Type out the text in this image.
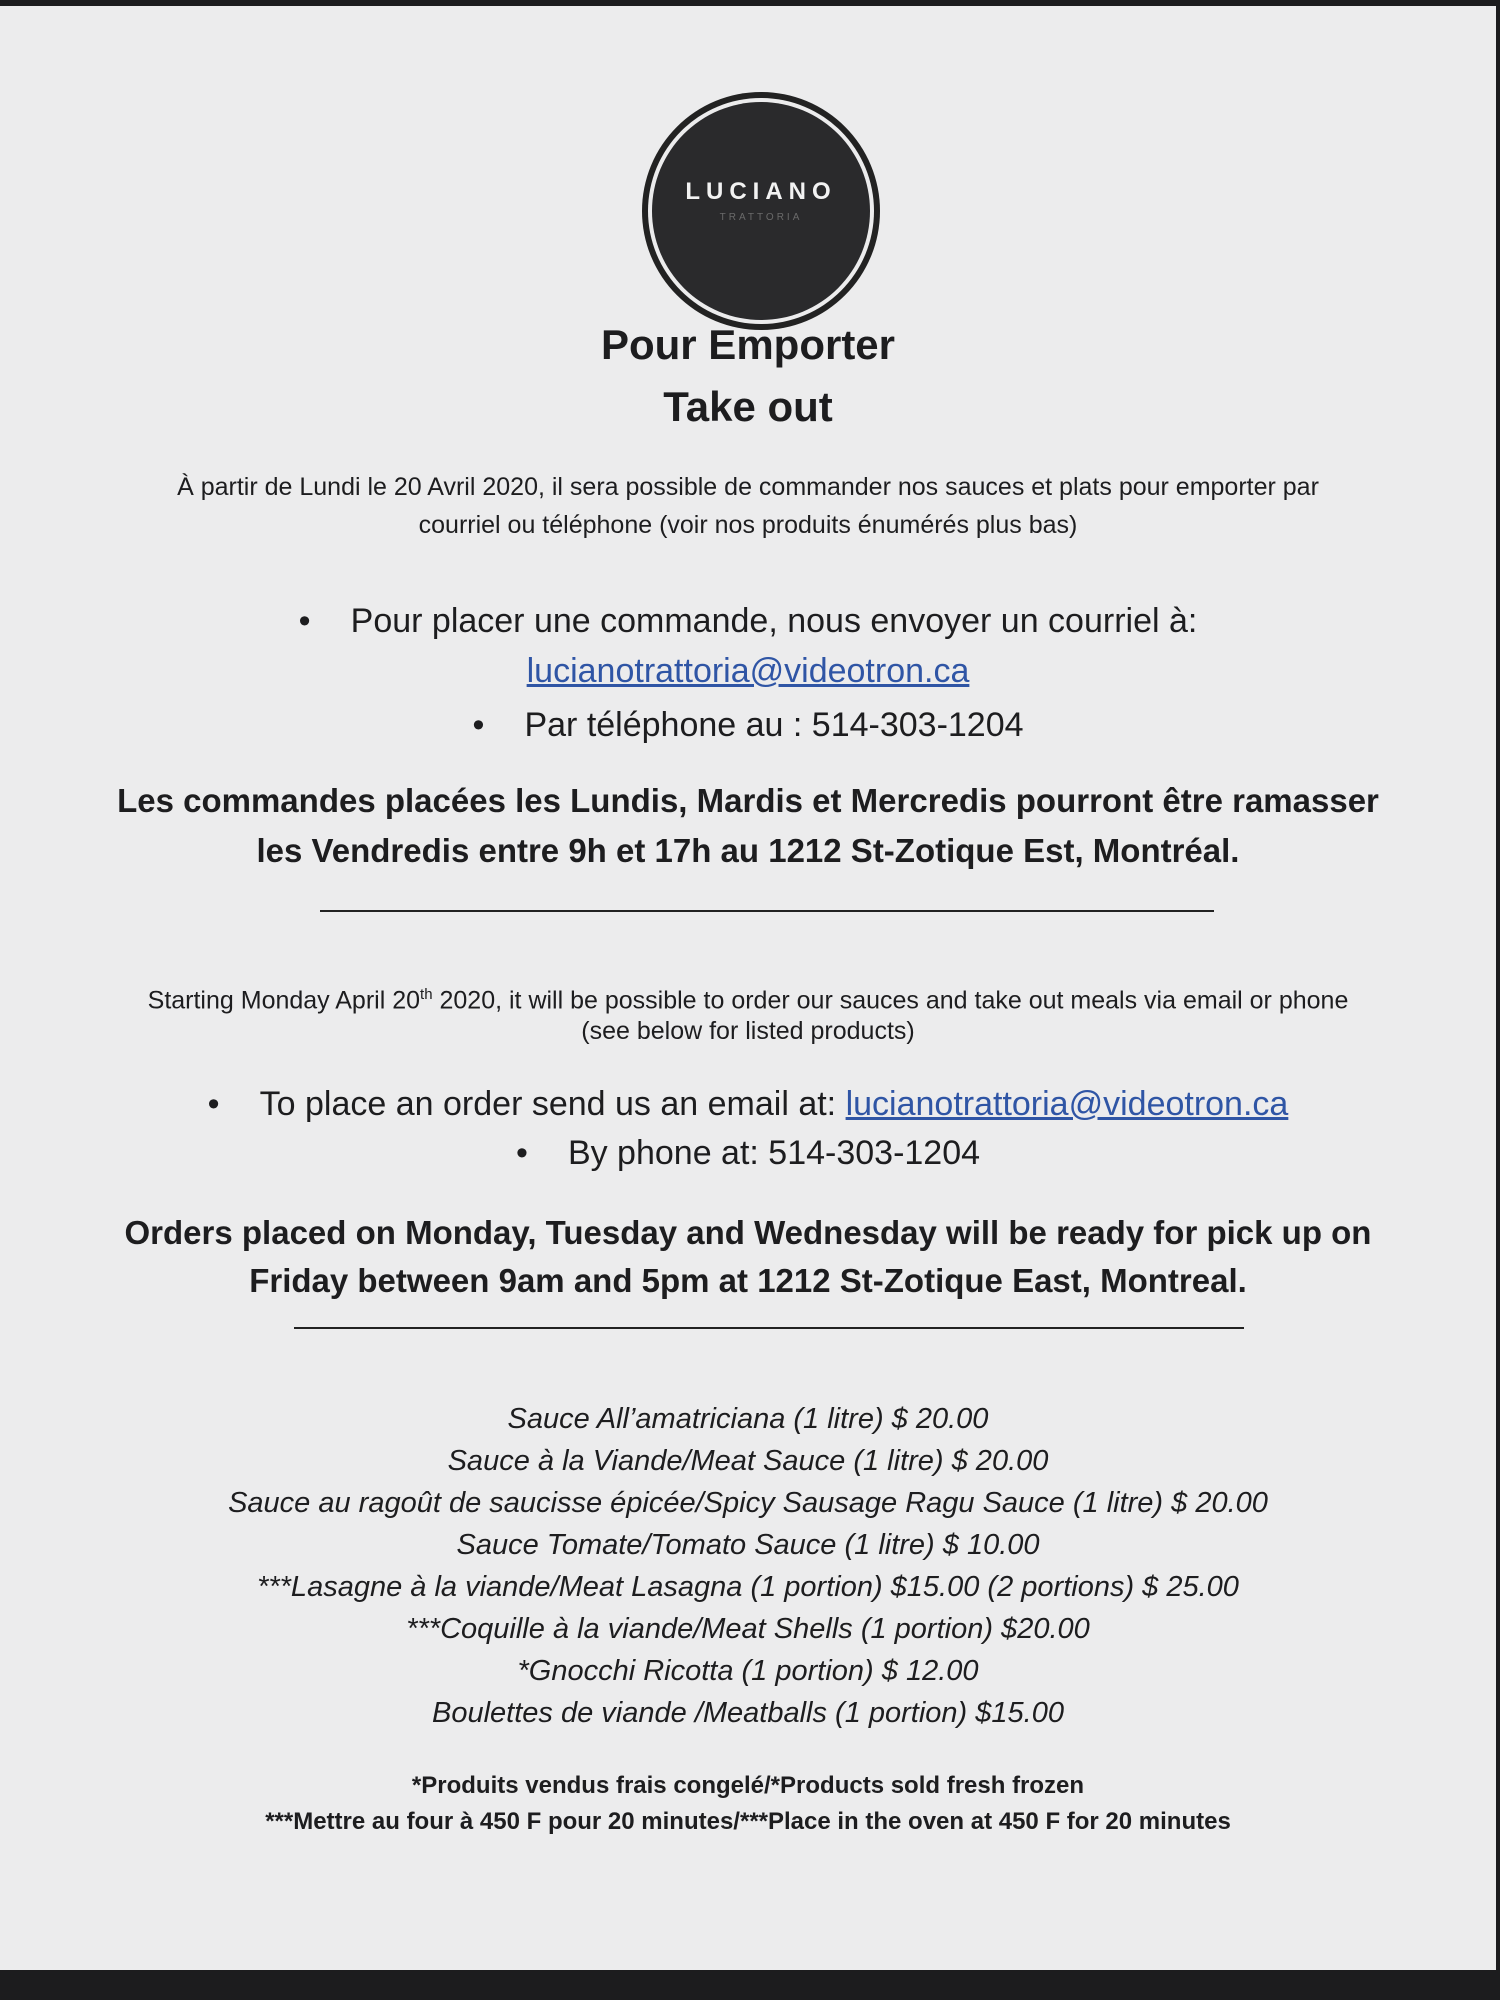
LUCIANO
TRATTORIA
Pour Emporter
Take out
À partir de Lundi le 20 Avril 2020, il sera possible de commander nos sauces et plats pour emporter par
courriel ou téléphone (voir nos produits énumérés plus bas)
• Pour placer une commande, nous envoyer un courriel à:
lucianotrattoria@videotron.ca
• Par téléphone au : 514-303-1204
Les commandes placées les Lundis, Mardis et Mercredis pourront être ramasser
les Vendredis entre 9h et 17h au 1212 St-Zotique Est, Montréal.
Starting Monday April 20th 2020, it will be possible to order our sauces and take out meals via email or phone
(see below for listed products)
• To place an order send us an email at: lucianotrattoria@videotron.ca
• By phone at: 514-303-1204
Orders placed on Monday, Tuesday and Wednesday will be ready for pick up on
Friday between 9am and 5pm at 1212 St-Zotique East, Montreal.
Sauce All’amatriciana (1 litre) $ 20.00
Sauce à la Viande/Meat Sauce (1 litre) $ 20.00
Sauce au ragoût de saucisse épicée/Spicy Sausage Ragu Sauce (1 litre) $ 20.00
Sauce Tomate/Tomato Sauce (1 litre) $ 10.00
***Lasagne à la viande/Meat Lasagna (1 portion) $15.00 (2 portions) $ 25.00
***Coquille à la viande/Meat Shells (1 portion) $20.00
*Gnocchi Ricotta (1 portion) $ 12.00
Boulettes de viande /Meatballs (1 portion) $15.00
*Produits vendus frais congelé/*Products sold fresh frozen
***Mettre au four à 450 F pour 20 minutes/***Place in the oven at 450 F for 20 minutes
